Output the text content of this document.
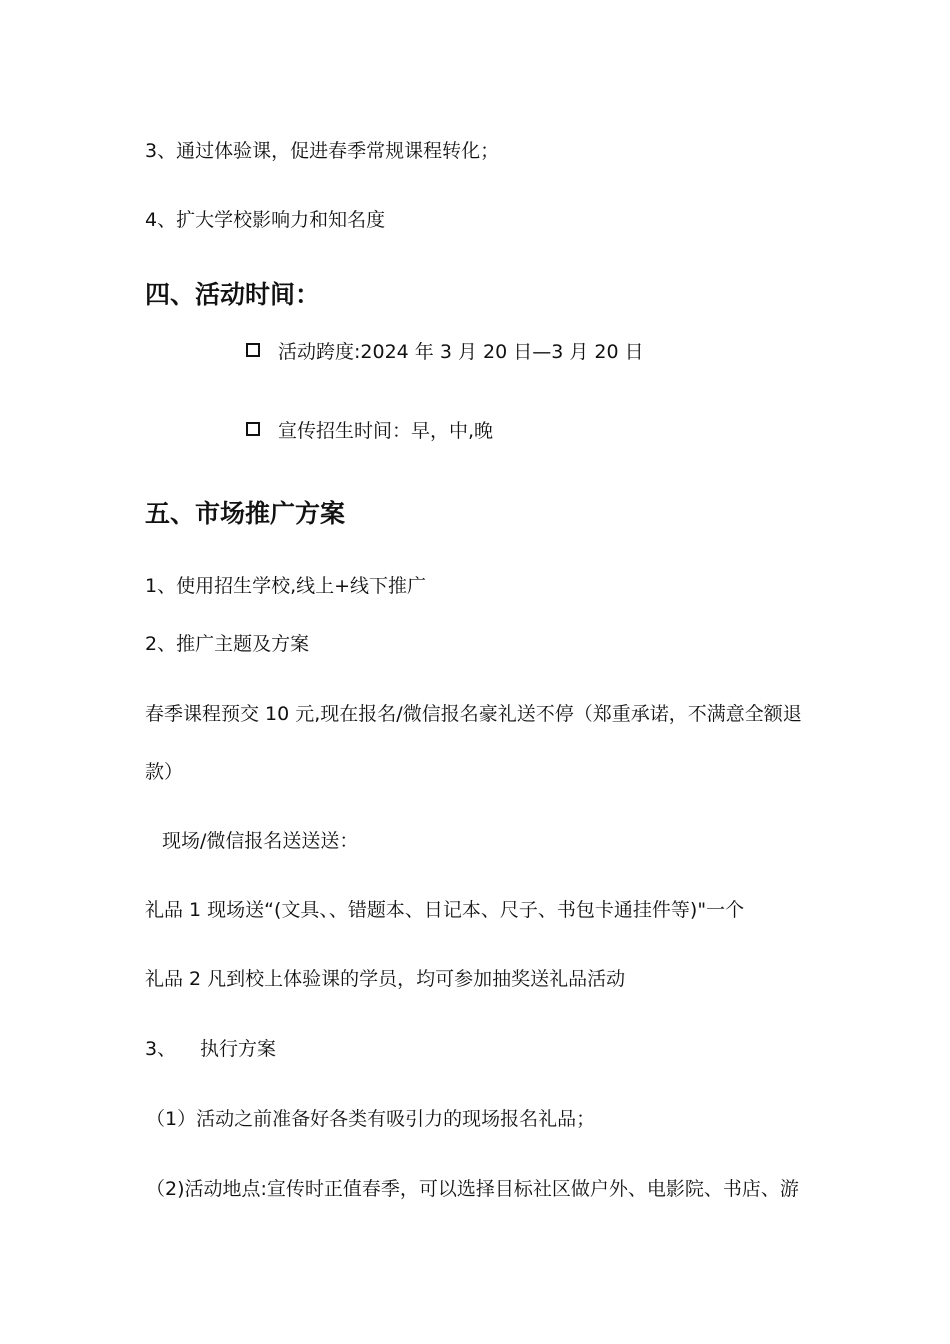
3、通过体验课，促进春季常规课程转化；
4、扩大学校影响力和知名度
四、活动时间：
活动跨度:2024 年 3 月 20 日—3 月 20 日
宣传招生时间：早，中,晚
五、市场推广方案
1、使用招生学校,线上+线下推广
2、推广主题及方案
春季课程预交 10 元,现在报名/微信报名豪礼送不停（郑重承诺，不满意全额退
款）
现场/微信报名送送送：
礼品 1 现场送“(文具、、错题本、日记本、尺子、书包卡通挂件等)"一个
礼品 2 凡到校上体验课的学员，均可参加抽奖送礼品活动
3、 执行方案
（1）活动之前准备好各类有吸引力的现场报名礼品；
（2)活动地点:宣传时正值春季，可以选择目标社区做户外、电影院、书店、游
